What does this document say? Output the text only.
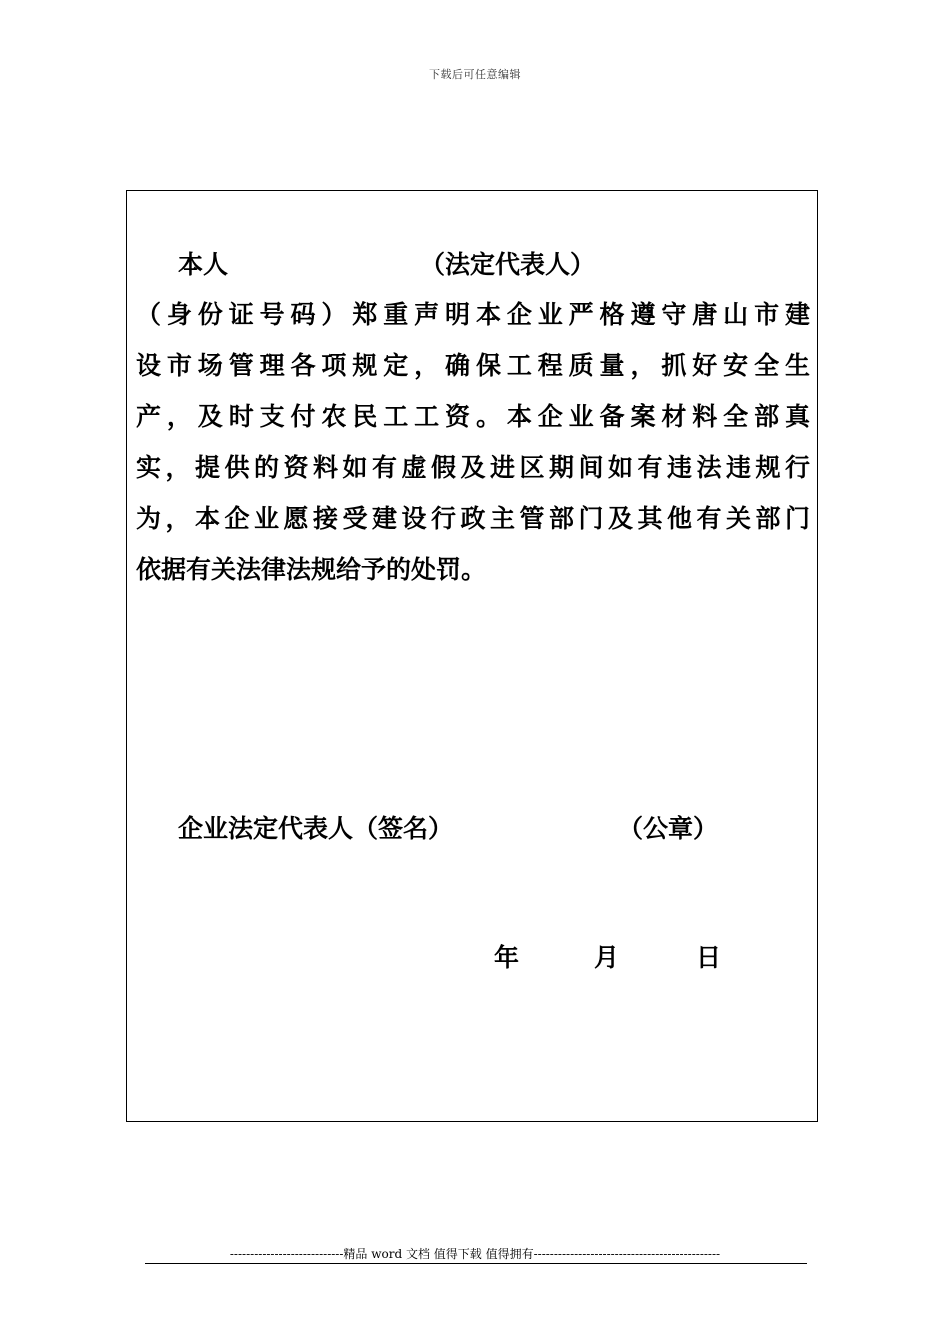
下载后可任意编辑
本人	（法定代表人）
（身份证号码）郑重声明本企业严格遵守唐山市建
设市场管理各项规定，确保工程质量，抓好安全生
产，及时支付农民工工资。本企业备案材料全部真
实，提供的资料如有虚假及进区期间如有违法违规行
为，本企业愿接受建设行政主管部门及其他有关部门
依据有关法律法规给予的处罚。
企业法定代表人（签名）	（公章）
年	月	日
----------------------------精品 word 文档 值得下载 值得拥有----------------------------------------------
